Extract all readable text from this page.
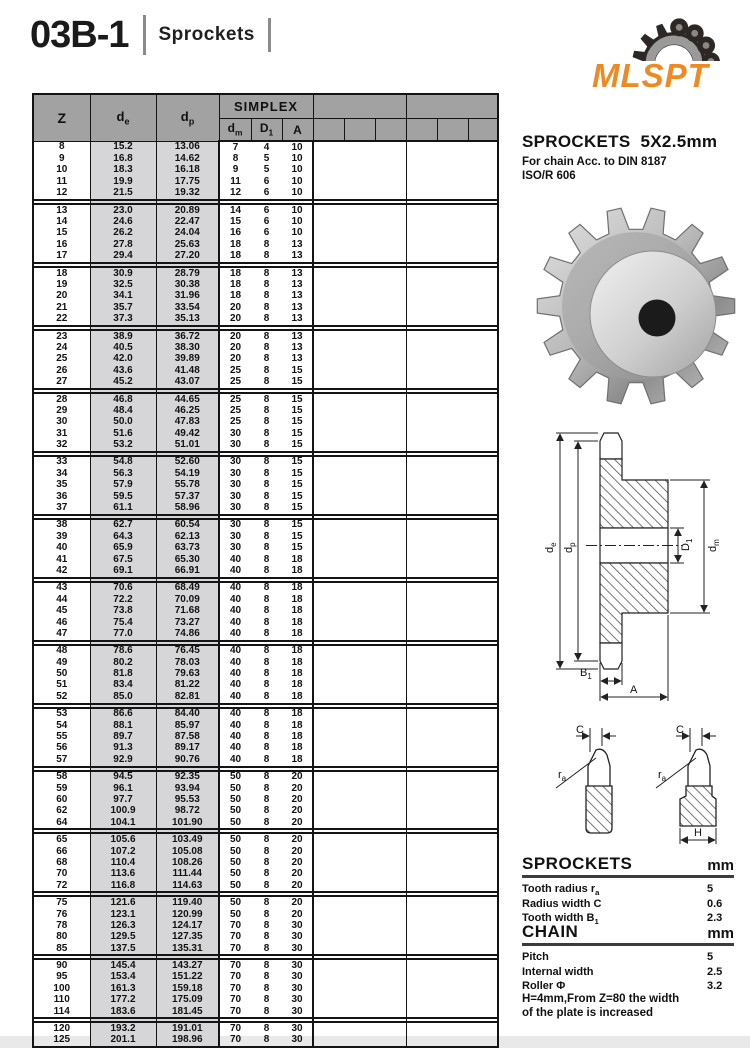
03B-1 Sprockets
MLSPT
Z	$d_e$	$d_p$	SIMPLEX								
			$d_m$	$D_1$	A						
8	15.2	13.06	7	4	10						
9	16.8	14.62	8	5	10						
10	18.3	16.18	9	5	10						
11	19.9	17.75	11	6	10						
12	21.5	19.32	12	6	10						

13	23.0	20.89	14	6	10						
14	24.6	22.47	15	6	10						
15	26.2	24.04	16	6	10						
16	27.8	25.63	18	8	13						
17	29.4	27.20	18	8	13						

18	30.9	28.79	18	8	13						
19	32.5	30.38	18	8	13						
20	34.1	31.96	18	8	13						
21	35.7	33.54	20	8	13						
22	37.3	35.13	20	8	13						

23	38.9	36.72	20	8	13						
24	40.5	38.30	20	8	13						
25	42.0	39.89	20	8	13						
26	43.6	41.48	25	8	15						
27	45.2	43.07	25	8	15						

28	46.8	44.65	25	8	15						
29	48.4	46.25	25	8	15						
30	50.0	47.83	25	8	15						
31	51.6	49.42	30	8	15						
32	53.2	51.01	30	8	15						

33	54.8	52.60	30	8	15						
34	56.3	54.19	30	8	15						
35	57.9	55.78	30	8	15						
36	59.5	57.37	30	8	15						
37	61.1	58.96	30	8	15						

38	62.7	60.54	30	8	15						
39	64.3	62.13	30	8	15						
40	65.9	63.73	30	8	15						
41	67.5	65.30	40	8	18						
42	69.1	66.91	40	8	18						

43	70.6	68.49	40	8	18						
44	72.2	70.09	40	8	18						
45	73.8	71.68	40	8	18						
46	75.4	73.27	40	8	18						
47	77.0	74.86	40	8	18						

48	78.6	76.45	40	8	18						
49	80.2	78.03	40	8	18						
50	81.8	79.63	40	8	18						
51	83.4	81.22	40	8	18						
52	85.0	82.81	40	8	18						

53	86.6	84.40	40	8	18						
54	88.1	85.97	40	8	18						
55	89.7	87.58	40	8	18						
56	91.3	89.17	40	8	18						
57	92.9	90.76	40	8	18						

58	94.5	92.35	50	8	20						
59	96.1	93.94	50	8	20						
60	97.7	95.53	50	8	20						
62	100.9	98.72	50	8	20						
64	104.1	101.90	50	8	20						

65	105.6	103.49	50	8	20						
66	107.2	105.08	50	8	20						
68	110.4	108.26	50	8	20						
70	113.6	111.44	50	8	20						
72	116.8	114.63	50	8	20						

75	121.6	119.40	50	8	20						
76	123.1	120.99	50	8	20						
78	126.3	124.17	70	8	30						
80	129.5	127.35	70	8	30						
85	137.5	135.31	70	8	30						

90	145.4	143.27	70	8	30						
95	153.4	151.22	70	8	30						
100	161.3	159.18	70	8	30						
110	177.2	175.09	70	8	30						
114	183.6	181.45	70	8	30						

120	193.2	191.01	70	8	30						
125	201.1	198.96	70	8	30						
SPROCKETS  5X2.5mm
For chain Acc. to DIN 8187
ISO/R 606
$d_e$
$d_p$	$D_1$
$d_m$
$B_1$
A
C
$r_a$
C
$r_a$
H
SPROCKETS	mm
Tooth radius $r_a$	5
Radius width C	0.6
Tooth width $B_1$	2.3
CHAIN	mm
Pitch	5
Internal width	2.5
Roller Φ	3.2
H=4mm,From Z=80 the width
of the plate is increased
